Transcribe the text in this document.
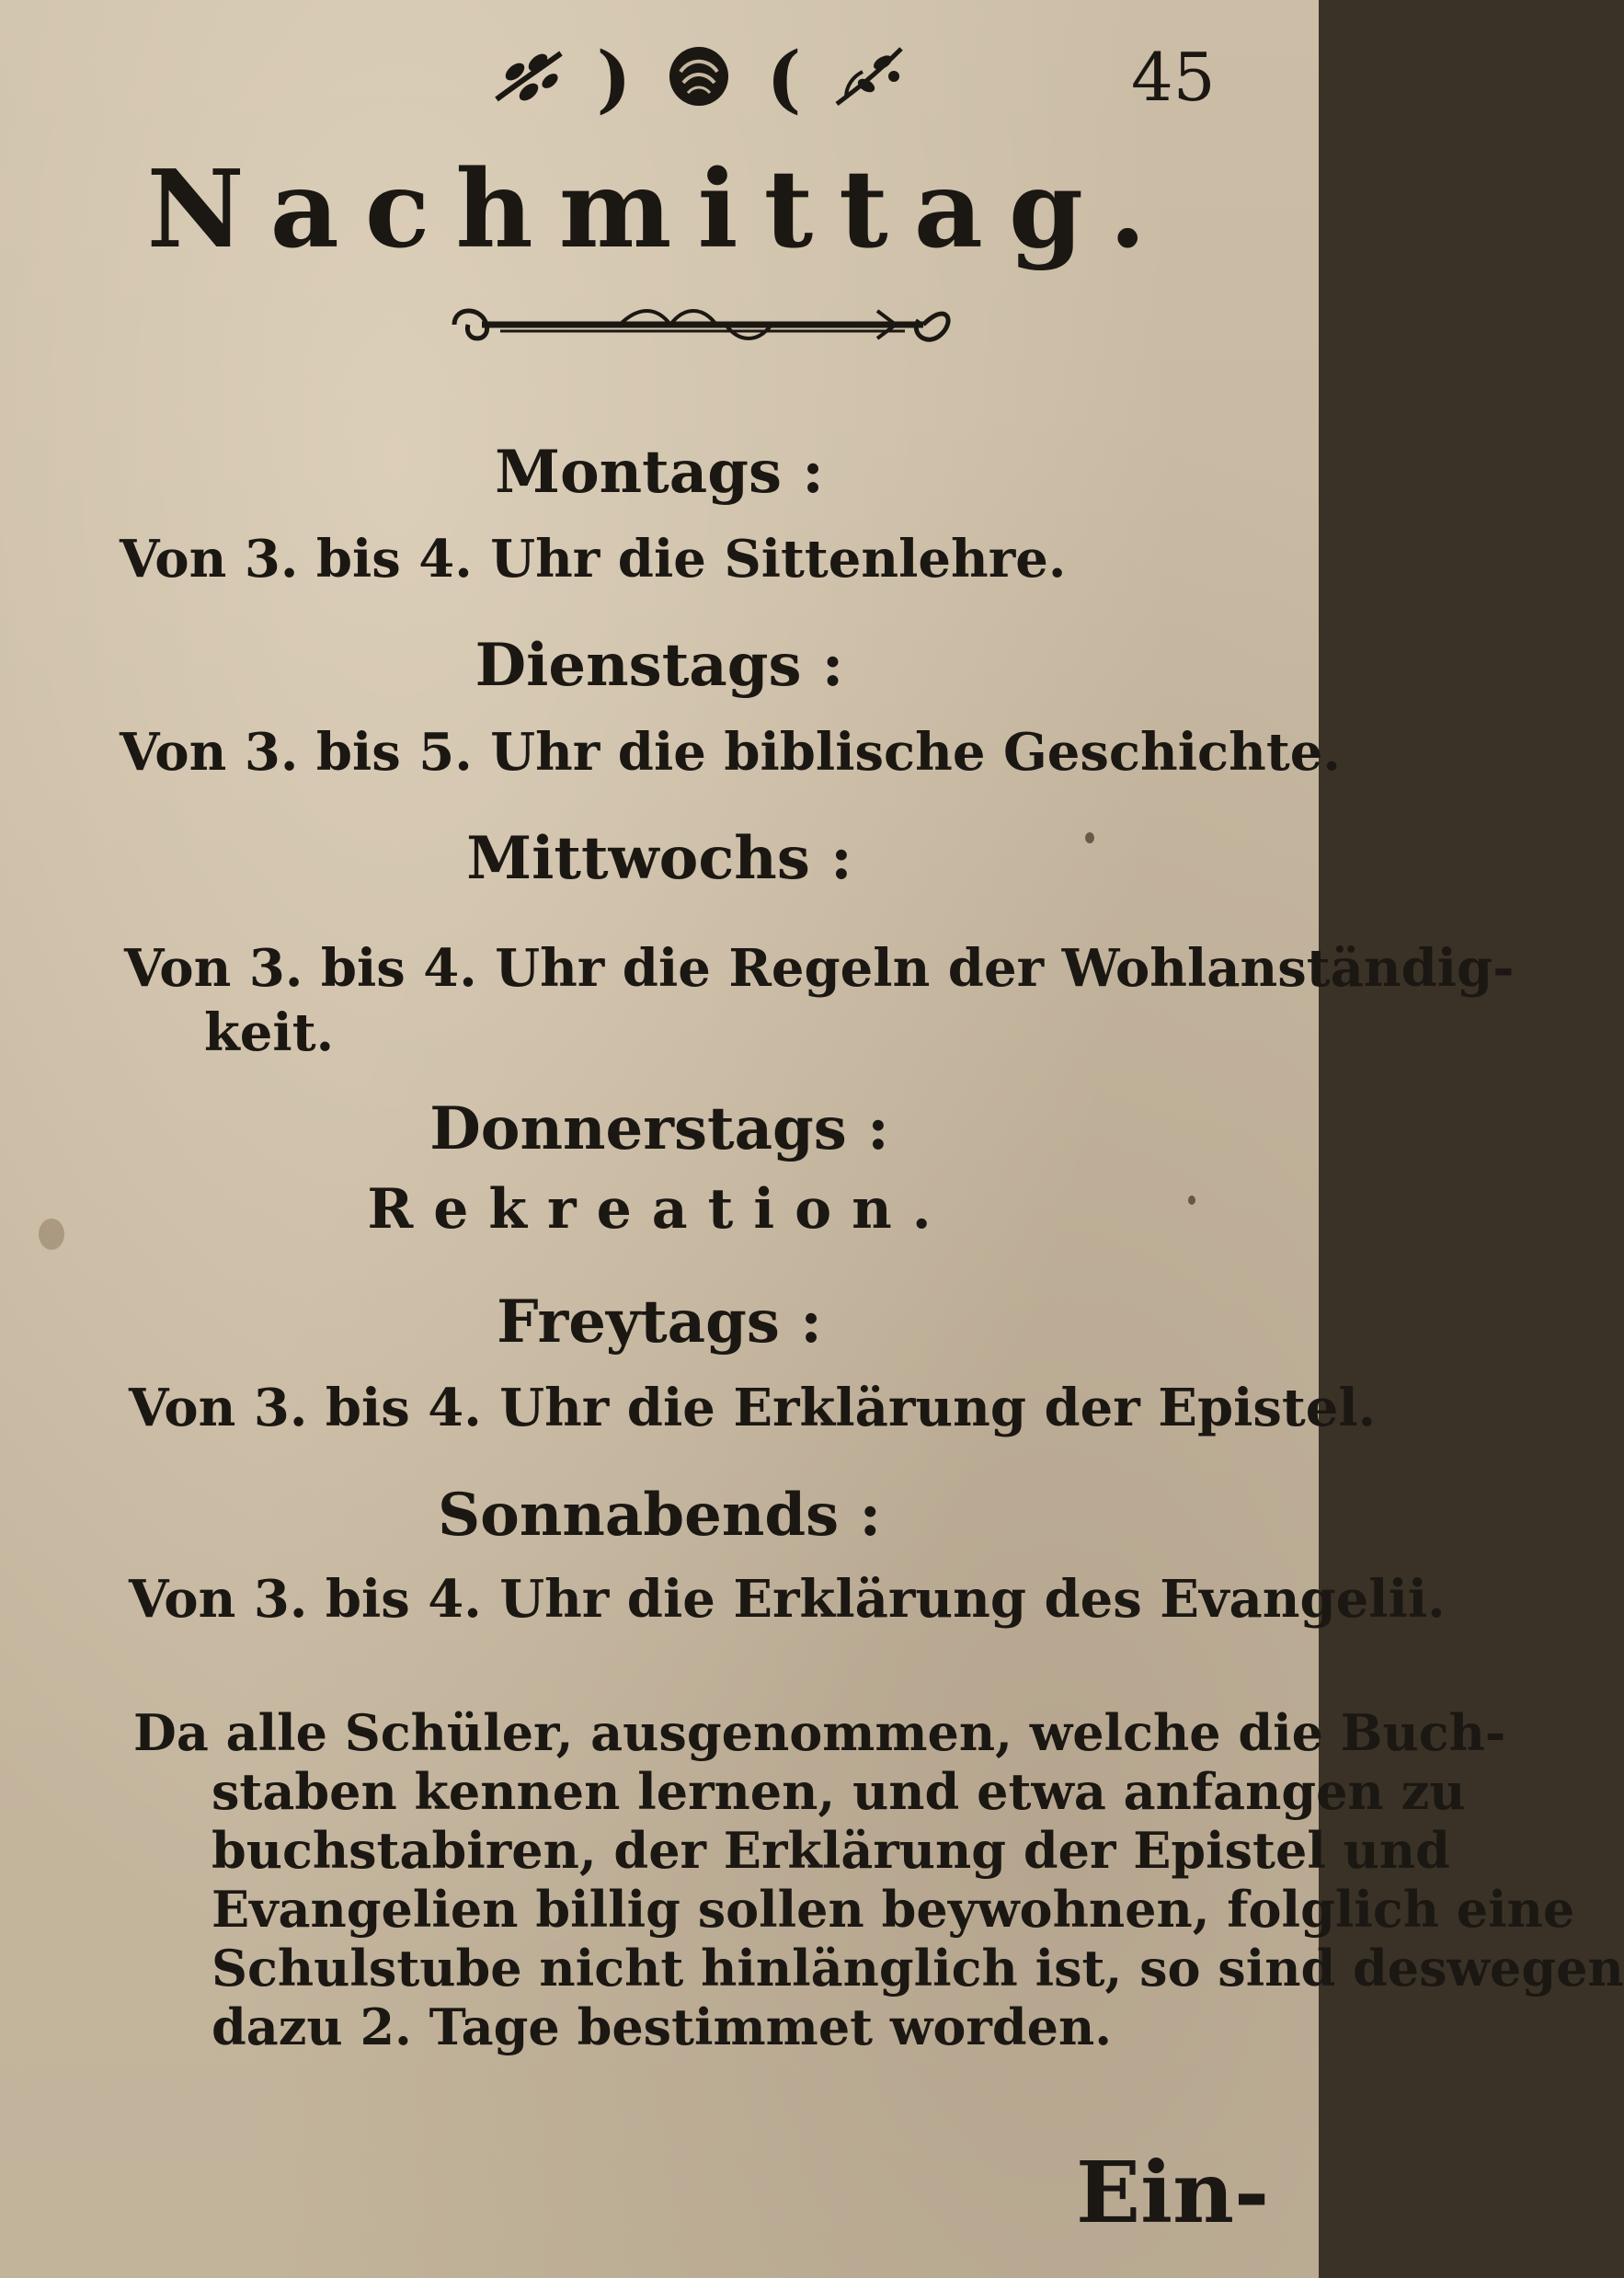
) (	45
Nachmittag.
Montags :
Von 3. bis 4. Uhr die Sittenlehre.
Dienstags :
Von 3. bis 5. Uhr die biblische Geschichte.
Mittwochs :
Von 3. bis 4. Uhr die Regeln der Wohlanständig-
keit.
Donnerstags :
Rekreation.
Freytags :
Von 3. bis 4. Uhr die Erklärung der Epistel.
Sonnabends :
Von 3. bis 4. Uhr die Erklärung des Evangelii.
Da alle Schüler, ausgenommen, welche die Buch-
staben kennen lernen, und etwa anfangen zu
buchstabiren, der Erklärung der Epistel und
Evangelien billig sollen beywohnen, folglich eine
Schulstube nicht hinlänglich ist, so sind deswegen
dazu 2. Tage bestimmet worden.
Ein-
